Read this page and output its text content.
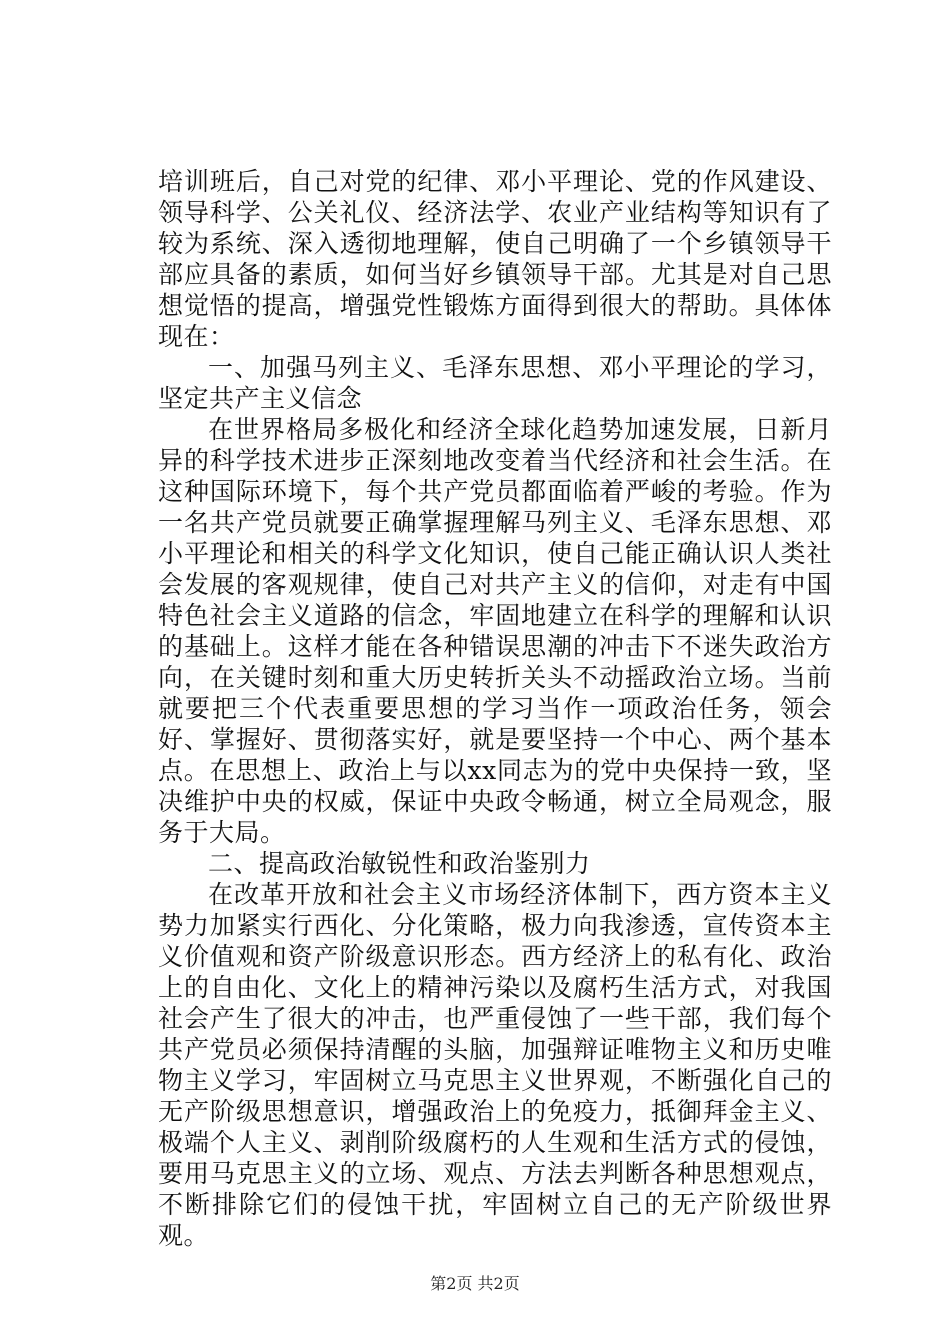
培训班后，自己对党的纪律、邓小平理论、党的作风建设、领导科学、公关礼仪、经济法学、农业产业结构等知识有了较为系统、深入透彻地理解，使自己明确了一个乡镇领导干部应具备的素质，如何当好乡镇领导干部。尤其是对自己思想觉悟的提高，增强党性锻炼方面得到很大的帮助。具体体现在：

一、加强马列主义、毛泽东思想、邓小平理论的学习，坚定共产主义信念

在世界格局多极化和经济全球化趋势加速发展，日新月异的科学技术进步正深刻地改变着当代经济和社会生活。在这种国际环境下，每个共产党员都面临着严峻的考验。作为一名共产党员就要正确掌握理解马列主义、毛泽东思想、邓小平理论和相关的科学文化知识，使自己能正确认识人类社会发展的客观规律，使自己对共产主义的信仰，对走有中国特色社会主义道路的信念，牢固地建立在科学的理解和认识的基础上。这样才能在各种错误思潮的冲击下不迷失政治方向，在关键时刻和重大历史转折关头不动摇政治立场。当前就要把三个代表重要思想的学习当作一项政治任务，领会好、掌握好、贯彻落实好，就是要坚持一个中心、两个基本点。在思想上、政治上与以xx同志为的党中央保持一致，坚决维护中央的权威，保证中央政令畅通，树立全局观念，服务于大局。

二、提高政治敏锐性和政治鉴别力

在改革开放和社会主义市场经济体制下，西方资本主义势力加紧实行西化、分化策略，极力向我渗透，宣传资本主义价值观和资产阶级意识形态。西方经济上的私有化、政治上的自由化、文化上的精神污染以及腐朽生活方式，对我国社会产生了很大的冲击，也严重侵蚀了一些干部，我们每个共产党员必须保持清醒的头脑，加强辩证唯物主义和历史唯物主义学习，牢固树立马克思主义世界观，不断强化自己的无产阶级思想意识，增强政治上的免疫力，抵御拜金主义、极端个人主义、剥削阶级腐朽的人生观和生活方式的侵蚀，要用马克思主义的立场、观点、方法去判断各种思想观点，不断排除它们的侵蚀干扰，牢固树立自己的无产阶级世界观。

第2页 共2页
